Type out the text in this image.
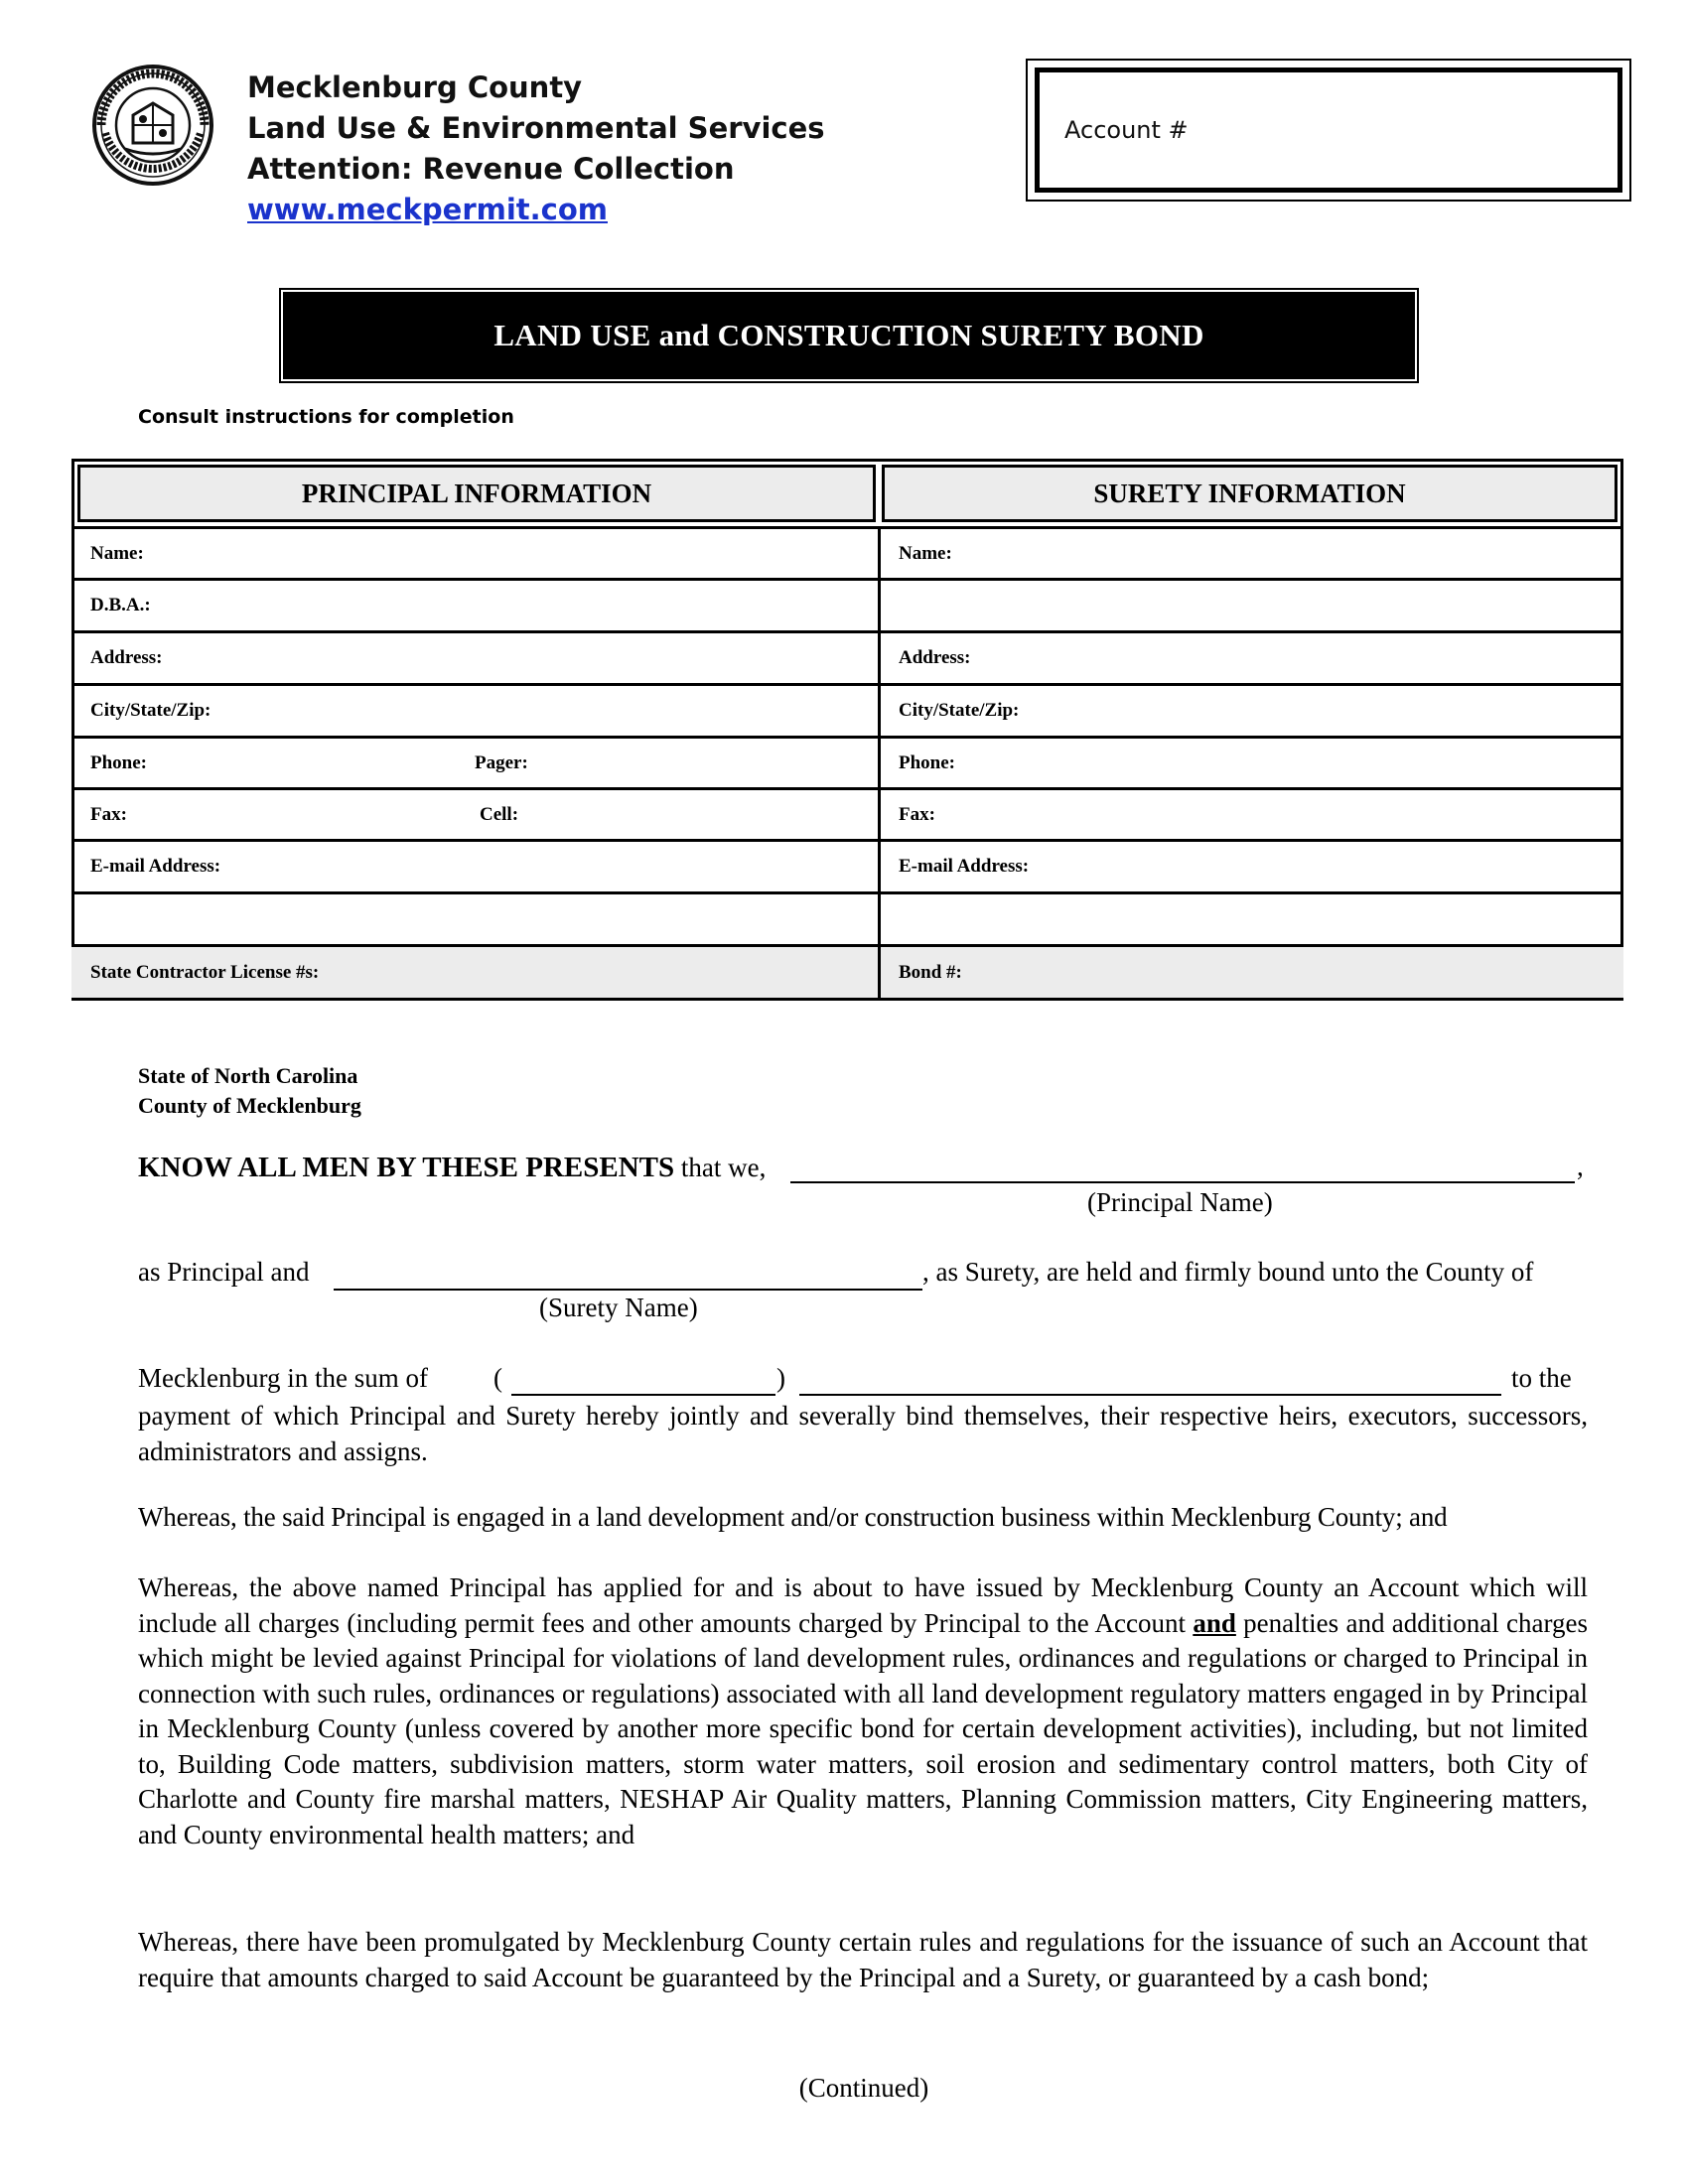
Mecklenburg County
Land Use & Environmental Services
Attention: Revenue Collection
www.meckpermit.com
Account #
LAND USE and CONSTRUCTION SURETY BOND
Consult instructions for completion
PRINCIPAL INFORMATION	SURETY INFORMATION
Name:	Name:
D.B.A.:
Address:	Address:
City/State/Zip:	City/State/Zip:
Phone:	Pager:	Phone:
Fax:	Cell:	Fax:
E-mail Address:	E-mail Address:
State Contractor License #s:	Bond #:
State of North Carolina
County of Mecklenburg
KNOW ALL MEN BY THESE PRESENTS that we,	,
(Principal Name)
as Principal and	, as Surety, are held and firmly bound unto the County of
(Surety Name)
Mecklenburg in the sum of (	)	to the
payment of which Principal and Surety hereby jointly and severally bind themselves, their respective heirs, executors, successors, administrators and assigns.
Whereas, the said Principal is engaged in a land development and/or construction business within Mecklenburg County; and
Whereas, the above named Principal has applied for and is about to have issued by Mecklenburg County an Account which will include all charges (including permit fees and other amounts charged by Principal to the Account and penalties and additional charges which might be levied against Principal for violations of land development rules, ordinances and regulations or charged to Principal in connection with such rules, ordinances or regulations) associated with all land development regulatory matters engaged in by Principal in Mecklenburg County (unless covered by another more specific bond for certain development activities), including, but not limited to, Building Code matters, subdivision matters, storm water matters, soil erosion and sedimentary control matters, both City of Charlotte and County fire marshal matters, NESHAP Air Quality matters, Planning Commission matters, City Engineering matters, and County environmental health matters; and
Whereas, there have been promulgated by Mecklenburg County certain rules and regulations for the issuance of such an Account that require that amounts charged to said Account be guaranteed by the Principal and a Surety, or guaranteed by a cash bond;
(Continued)
